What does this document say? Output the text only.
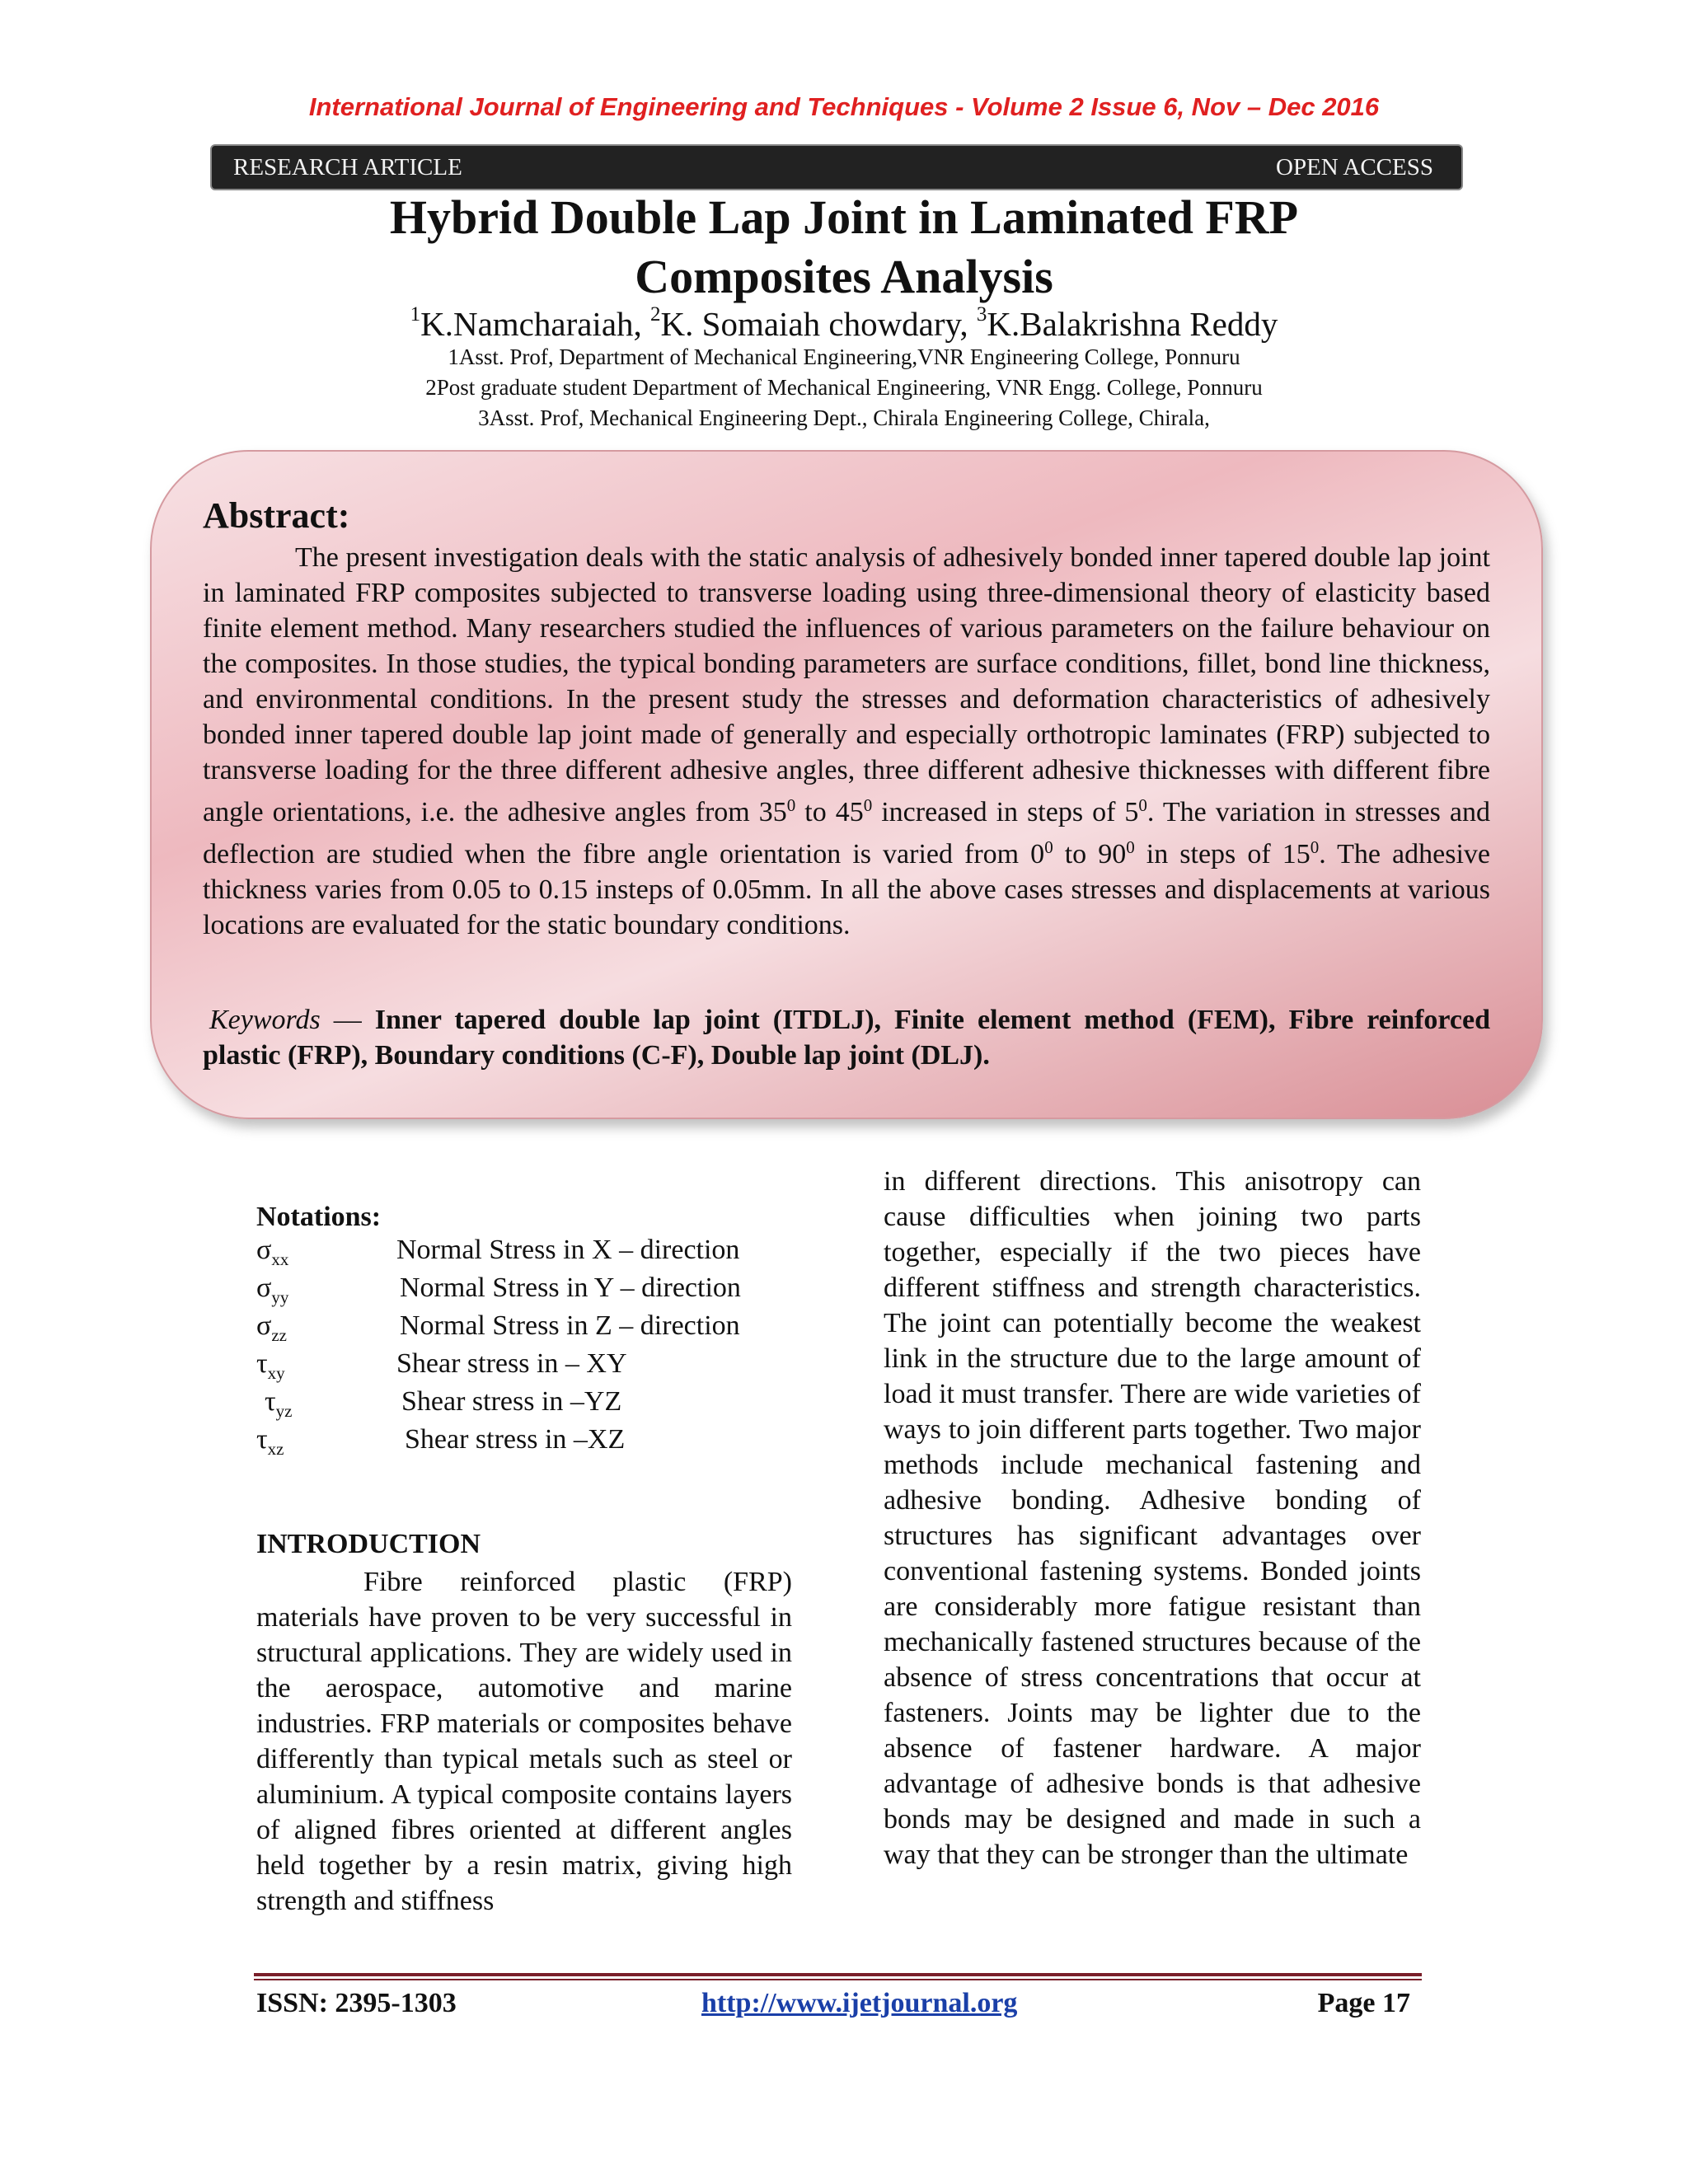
International Journal of Engineering and Techniques - Volume 2 Issue 6, Nov – Dec 2016
RESEARCH ARTICLE	OPEN ACCESS
Hybrid Double Lap Joint in Laminated FRP
Composites Analysis
$^1$K.Namcharaiah, $^2$K. Somaiah chowdary, $^3$K.Balakrishna Reddy
1Asst. Prof, Department of Mechanical Engineering,VNR Engineering College, Ponnuru
2Post graduate student Department of Mechanical Engineering, VNR Engg. College, Ponnuru
3Asst. Prof, Mechanical Engineering Dept., Chirala Engineering College, Chirala,
Abstract:
The present investigation deals with the static analysis of adhesively bonded inner tapered double lap joint in laminated FRP composites subjected to transverse loading using three-dimensional theory of elasticity based finite element method. Many researchers studied the influences of various parameters on the failure behaviour on the composites. In those studies, the typical bonding parameters are surface conditions, fillet, bond line thickness, and environmental conditions. In the present study the stresses and deformation characteristics of adhesively bonded inner tapered double lap joint made of generally and especially orthotropic laminates (FRP) subjected to transverse loading for the three different adhesive angles, three different adhesive thicknesses with different fibre angle orientations, i.e. the adhesive angles from $35^0$ to $45^0$ increased in steps of $5^0$. The variation in stresses and deflection are studied when the fibre angle orientation is varied from $0^0$ to $90^0$ in steps of $15^0$. The adhesive thickness varies from 0.05 to 0.15 insteps of 0.05mm. In all the above cases stresses and displacements at various locations are evaluated for the static boundary conditions.
Keywords — Inner tapered double lap joint (ITDLJ), Finite element method (FEM), Fibre reinforced plastic (FRP), Boundary conditions (C-F), Double lap joint (DLJ).
Notations:
$\sigma_{xx}$	Normal Stress in X – direction
$\sigma_{yy}$	Normal Stress in Y – direction
$\sigma_{zz}$	Normal Stress in Z – direction
$\tau_{xy}$	Shear stress in – XY
$\tau_{yz}$	Shear stress in –YZ
$\tau_{xz}$	Shear stress in –XZ
INTRODUCTION
Fibre reinforced plastic (FRP) materials have proven to be very successful in structural applications. They are widely used in the aerospace, automotive and marine industries. FRP materials or composites behave differently than typical metals such as steel or aluminium. A typical composite contains layers of aligned fibres oriented at different angles held together by a resin matrix, giving high strength and stiffness
in different directions. This anisotropy can cause difficulties when joining two parts together, especially if the two pieces have different stiffness and strength characteristics. The joint can potentially become the weakest link in the structure due to the large amount of load it must transfer. There are wide varieties of ways to join different parts together. Two major methods include mechanical fastening and adhesive bonding. Adhesive bonding of structures has significant advantages over conventional fastening systems. Bonded joints are considerably more fatigue resistant than mechanically fastened structures because of the absence of stress concentrations that occur at fasteners. Joints may be lighter due to the absence of fastener hardware. A major advantage of adhesive bonds is that adhesive bonds may be designed and made in such a way that they can be stronger than the ultimate
ISSN: 2395-1303	http://www.ijetjournal.org	Page 17
